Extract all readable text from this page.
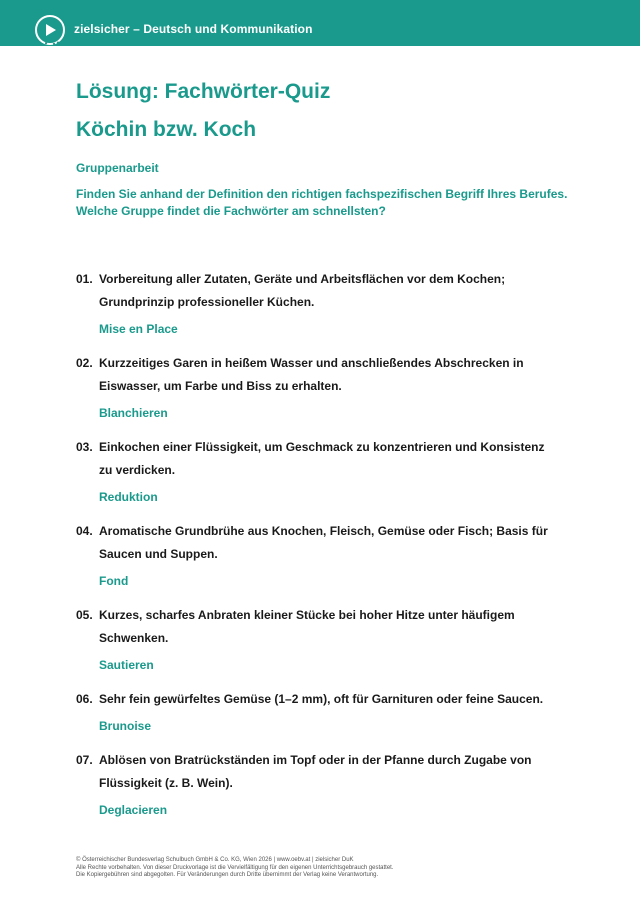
zielsicher – Deutsch und Kommunikation
Lösung: Fachwörter-Quiz
Köchin bzw. Koch
Gruppenarbeit
Finden Sie anhand der Definition den richtigen fachspezifischen Begriff Ihres Berufes.
Welche Gruppe findet die Fachwörter am schnellsten?
01. Vorbereitung aller Zutaten, Geräte und Arbeitsflächen vor dem Kochen;
Grundprinzip professioneller Küchen.
Mise en Place
02. Kurzzeitiges Garen in heißem Wasser und anschließendes Abschrecken in
Eiswasser, um Farbe und Biss zu erhalten.
Blanchieren
03. Einkochen einer Flüssigkeit, um Geschmack zu konzentrieren und Konsistenz
zu verdicken.
Reduktion
04. Aromatische Grundbrühe aus Knochen, Fleisch, Gemüse oder Fisch; Basis für
Saucen und Suppen.
Fond
05. Kurzes, scharfes Anbraten kleiner Stücke bei hoher Hitze unter häufigem
Schwenken.
Sautieren
06. Sehr fein gewürfeltes Gemüse (1–2 mm), oft für Garnituren oder feine Saucen.
Brunoise
07. Ablösen von Bratrückständen im Topf oder in der Pfanne durch Zugabe von
Flüssigkeit (z. B. Wein).
Deglacieren
© Österreichischer Bundesverlag Schulbuch GmbH & Co. KG, Wien 2026 | www.oebv.at | zielsicher DuK
Alle Rechte vorbehalten. Von dieser Druckvorlage ist die Vervielfältigung für den eigenen Unterrichtsgebrauch gestattet.
Die Kopiergebühren sind abgegolten. Für Veränderungen durch Dritte übernimmt der Verlag keine Verantwortung.
